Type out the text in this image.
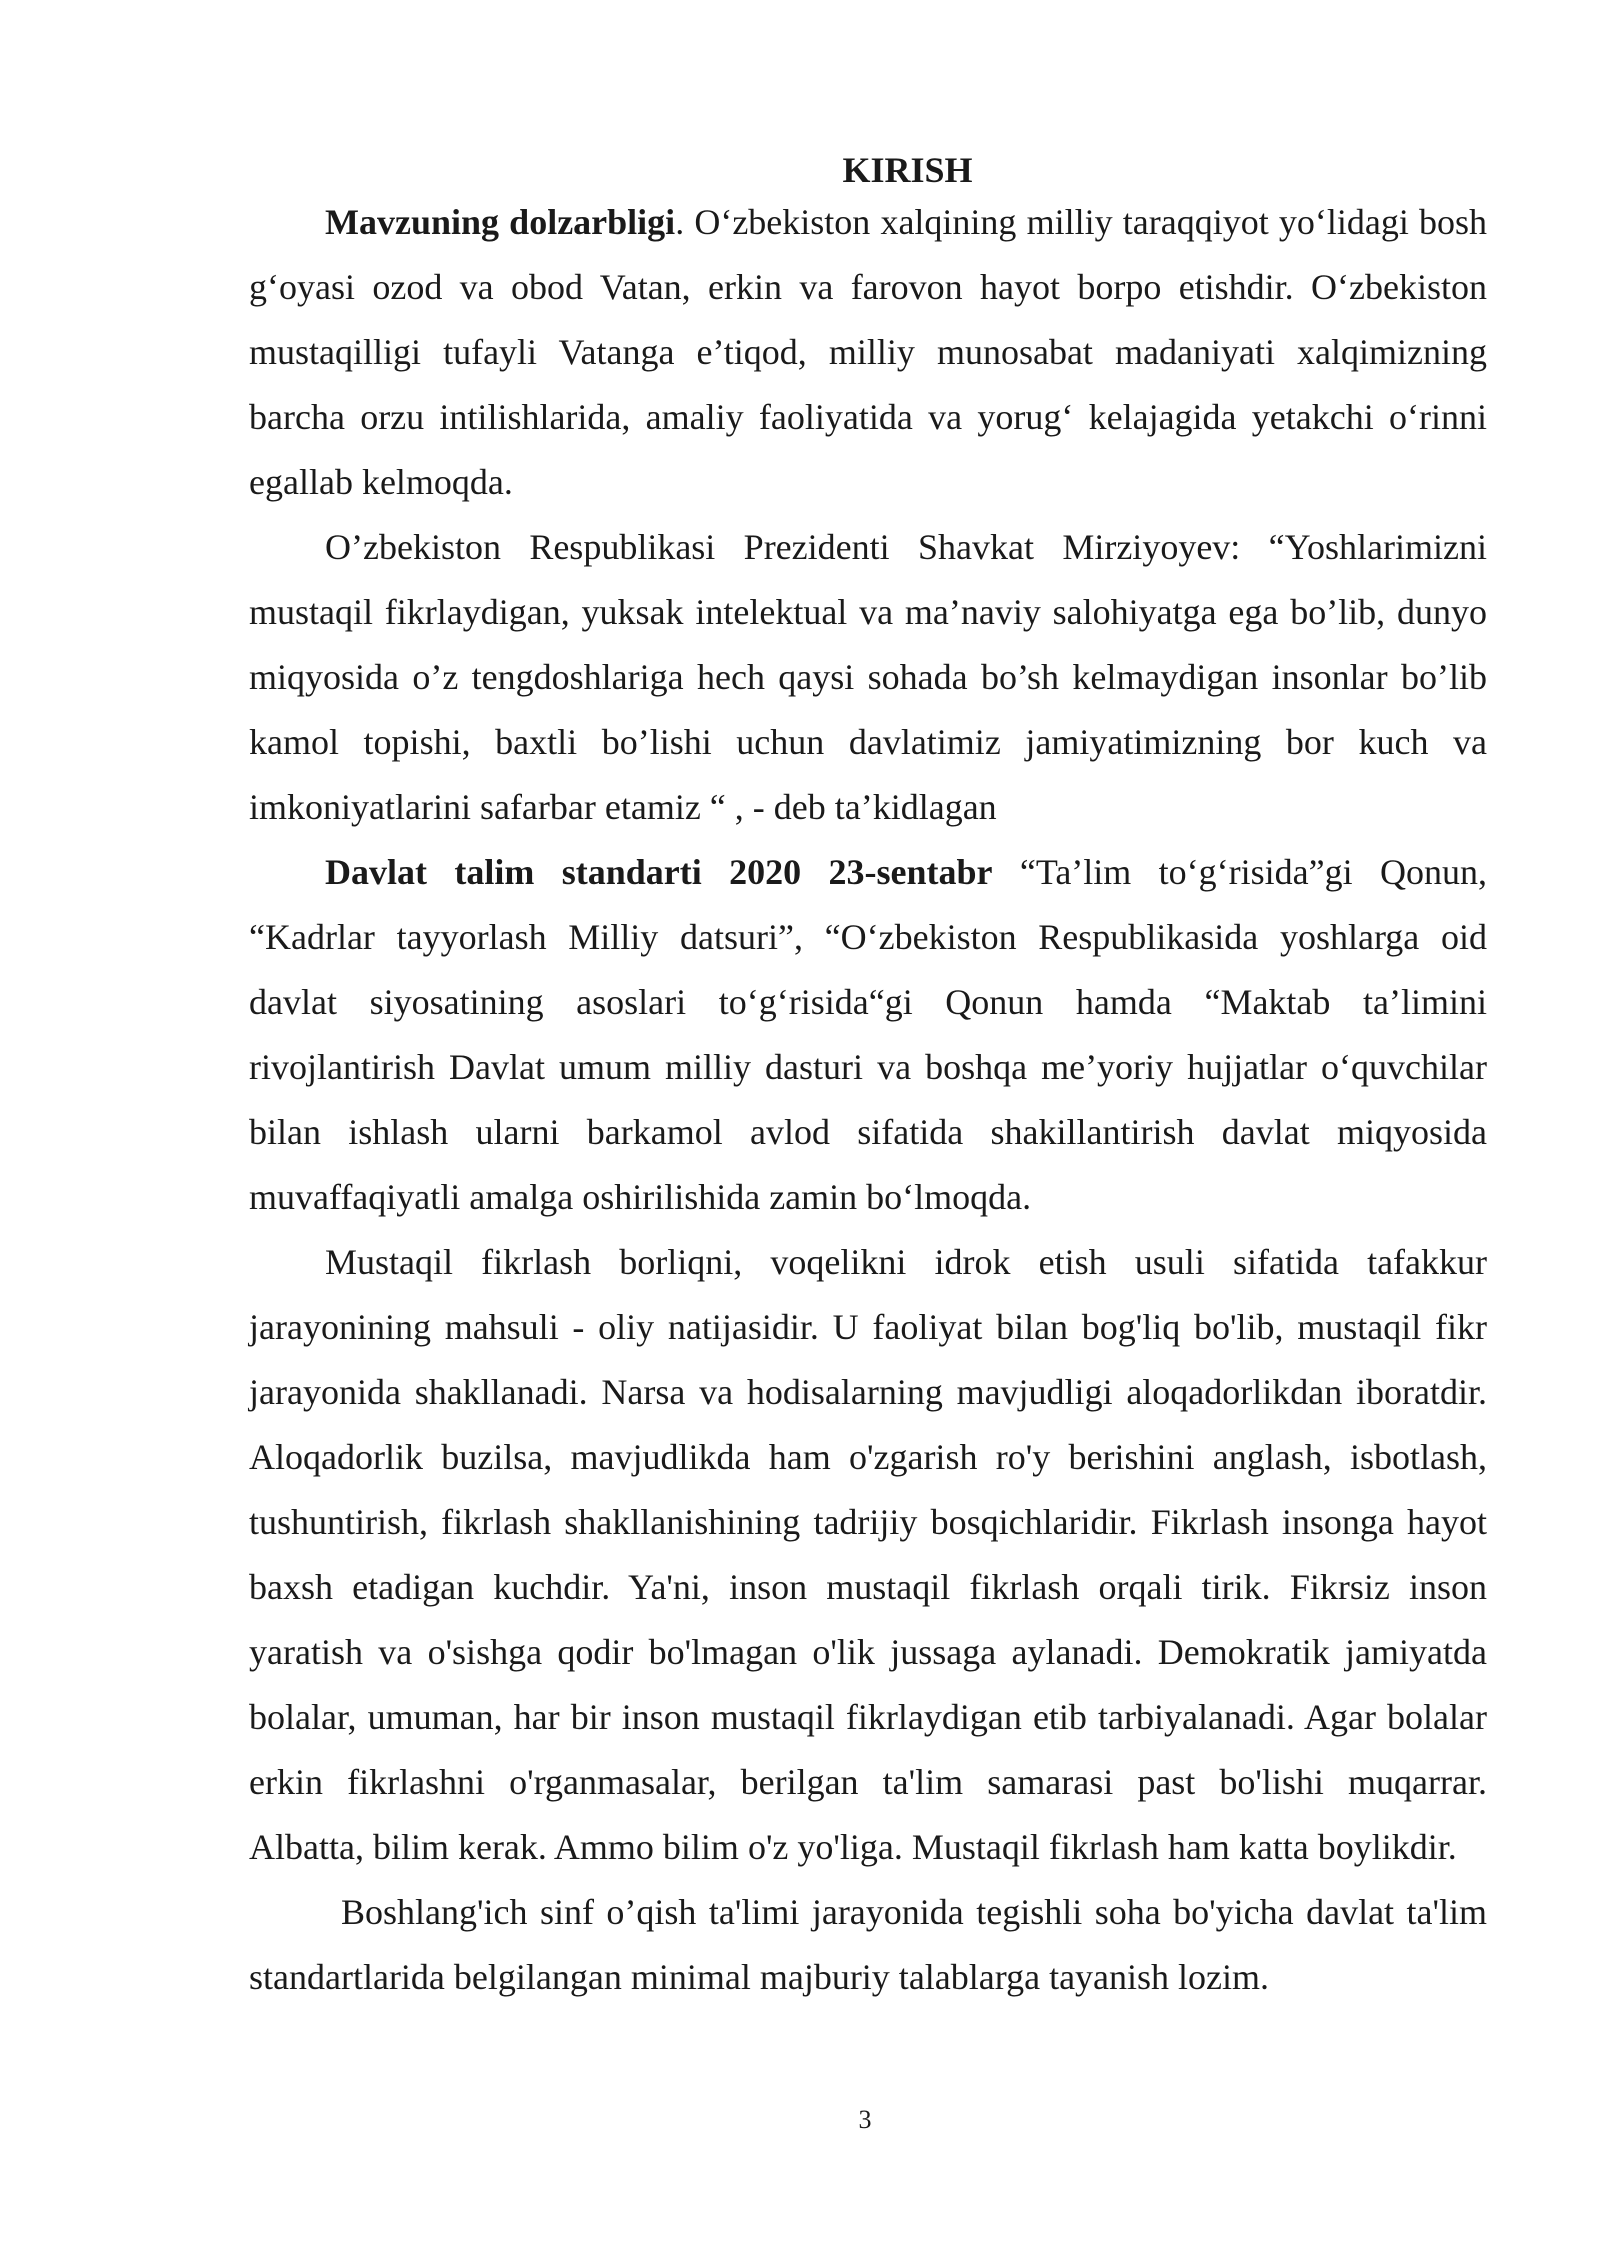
KIRISH

Mavzuning dolzarbligi. O‘zbekiston xalqining milliy taraqqiyot yo‘lidagi bosh g‘oyasi ozod va obod Vatan, erkin va farovon hayot borpo etishdir. O‘zbekiston mustaqilligi tufayli Vatanga e’tiqod, milliy munosabat madaniyati xalqimizning barcha orzu intilishlarida, amaliy faoliyatida va yorug‘ kelajagida yetakchi o‘rinni egallab kelmoqda.

O’zbekiston Respublikasi Prezidenti Shavkat Mirziyoyev: “Yoshlarimizni mustaqil fikrlaydigan, yuksak intelektual va ma’naviy salohiyatga ega bo’lib, dunyo miqyosida o’z tengdoshlariga hech qaysi sohada bo’sh kelmaydigan insonlar bo’lib kamol topishi, baxtli bo’lishi uchun davlatimiz jamiyatimizning bor kuch va imkoniyatlarini safarbar etamiz “ , - deb ta’kidlagan

Davlat talim standarti 2020 23-sentabr “Ta’lim to‘g‘risida”gi Qonun, “Kadrlar tayyorlash Milliy datsuri”, “O‘zbekiston Respublikasida yoshlarga oid davlat siyosatining asoslari to‘g‘risida“gi Qonun hamda “Maktab ta’limini rivojlantirish Davlat umum milliy dasturi va boshqa me’yoriy hujjatlar o‘quvchilar bilan ishlash ularni barkamol avlod sifatida shakillantirish davlat miqyosida muvaffaqiyatli amalga oshirilishida zamin bo‘lmoqda.

Mustaqil fikrlash borliqni, voqelikni idrok etish usuli sifatida tafakkur jarayonining mahsuli - oliy natijasidir. U faoliyat bilan bog'liq bo'lib, mustaqil fikr jarayonida shakllanadi. Narsa va hodisalarning mavjudligi aloqadorlikdan iboratdir. Aloqadorlik buzilsa, mavjudlikda ham o'zgarish ro'y berishini anglash, isbotlash, tushuntirish, fikrlash shakllanishining tadrijiy bosqichlaridir. Fikrlash insonga hayot baxsh etadigan kuchdir. Ya'ni, inson mustaqil fikrlash orqali tirik. Fikrsiz inson yaratish va o'sishga qodir bo'lmagan o'lik jussaga aylanadi. Demokratik jamiyatda bolalar, umuman, har bir inson mustaqil fikrlaydigan etib tarbiyalanadi. Agar bolalar erkin fikrlashni o'rganmasalar, berilgan ta'lim samarasi past bo'lishi muqarrar. Albatta, bilim kerak. Ammo bilim o'z yo'liga. Mustaqil fikrlash ham katta boylikdir.

Boshlang'ich sinf o’qish ta'limi jarayonida tegishli soha bo'yicha davlat ta'lim standartlarida belgilangan minimal majburiy talablarga tayanish lozim.

3
